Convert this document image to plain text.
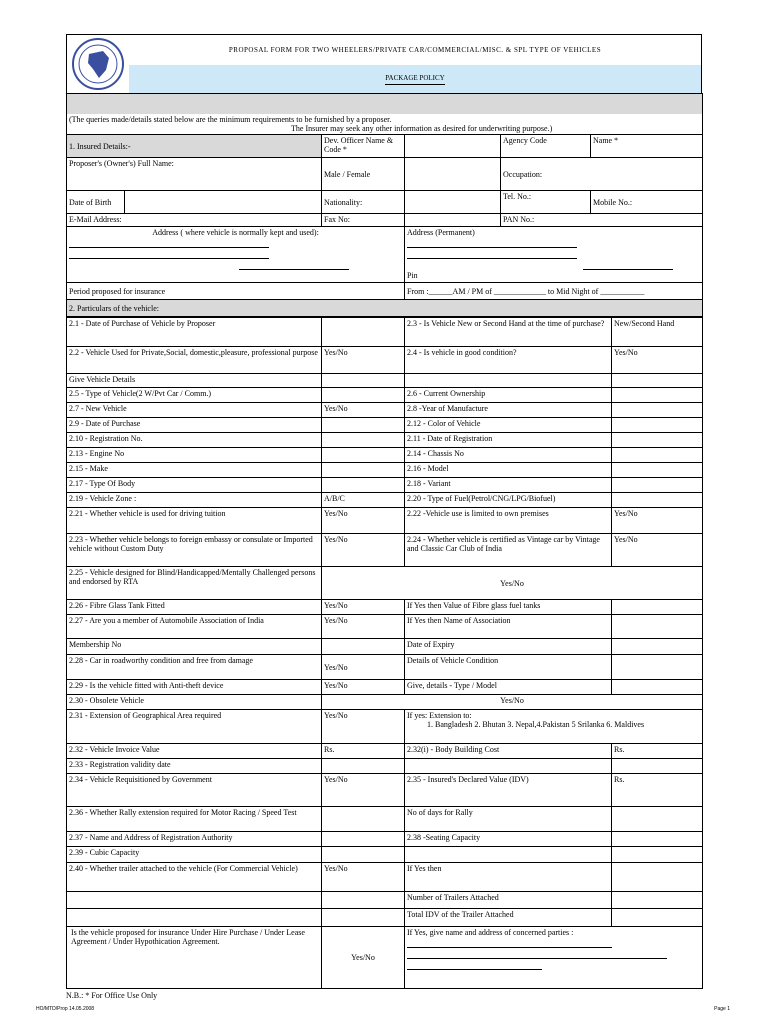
PROPOSAL FORM FOR TWO WHEELERS/PRIVATE CAR/COMMERCIAL/MISC. & SPL TYPE OF VEHICLES
PACKAGE POLICY

(The queries made/details stated below are the minimum requirements to be furnished by a proposer.
The Insurer may seek any other information as desired for underwriting purpose.)					

1. Insured Details:-		Dev. Officer Name & Code *		Agency Code	Name *
Proposer's (Owner's) Full Name:		Male / Female		Occupation:	
Date of Birth		Nationality:		Tel. No.:	Mobile No.:
E-Mail Address:		Fax No:		PAN No.:	

Address ( where vehicle is normally kept and used):			Address (Permanent)
Pin		

Period proposed for insurance			From :______AM / PM of _____________ to Mid Night of ___________		
2. Particulars of the vehicle:					
2.1 - Date of Purchase of Vehicle by Proposer		2.3 - Is Vehicle New or Second Hand at the time of purchase?	New/Second Hand
2.2 - Vehicle Used for Private,Social, domestic,pleasure, professional purpose	Yes/No	2.4 - Is vehicle in good condition?	Yes/No
Give Vehicle Details			
2.5 - Type of Vehicle(2 W/Pvt Car / Comm.)		2.6 - Current Ownership	
2.7 - New Vehicle	Yes/No	2.8 -Year of Manufacture	
2.9 - Date of Purchase		2.12 - Color of Vehicle	
2.10 - Registration No.		2.11 - Date of Registration	
2.13 - Engine No		2.14 - Chassis No	
2.15 - Make		2.16 - Model	
2.17 - Type Of Body		2.18 - Variant	
2.19 - Vehicle Zone :	A/B/C	2.20 - Type of Fuel(Petrol/CNG/LPG/Biofuel)	
2.21 - Whether vehicle is used for driving tuition	Yes/No	2.22 -Vehicle use is limited to own premises	Yes/No
2.23 - Whether vehicle belongs to foreign embassy or consulate or Imported vehicle without Custom Duty	Yes/No	2.24 - Whether vehicle is certified as Vintage car by Vintage and Classic Car Club of India	Yes/No
2.25 - Vehicle designed for Blind/Handicapped/Mentally Challenged persons and endorsed by RTA	Yes/No		
2.26 - Fibre Glass Tank Fitted	Yes/No	If Yes then Value of Fibre glass fuel tanks	
2.27 - Are you a member of Automobile Association of India	Yes/No	If Yes then Name of Association	
Membership No		Date of Expiry	
2.28 - Car in roadworthy condition and free from damage	Yes/No	Details of Vehicle Condition	
2.29 - Is the vehicle fitted with Anti-theft device	Yes/No	Give, details - Type / Model	
2.30 - Obsolete Vehicle	Yes/No		
2.31 - Extension of Geographical Area required	Yes/No	If yes: Extension to:
1. Bangladesh 2. Bhutan 3. Nepal,4.Pakistan 5 Srilanka 6. Maldives	

2.32 - Vehicle Invoice Value	Rs.	2.32(i) - Body Building Cost	Rs.
2.33 - Registration validity date			
2.34 - Vehicle Requisitioned by Government	Yes/No	2.35 - Insured's Declared Value (IDV)	Rs.
2.36 - Whether Rally extension required for Motor Racing / Speed Test		No of days for Rally	
2.37 - Name and Address of Registration Authority		2.38 -Seating Capacity	
2.39 - Cubic Capacity			
2.40 - Whether trailer attached to the vehicle (For Commercial Vehicle)	Yes/No	If Yes then	
		Number of Trailers Attached	
		Total IDV of the Trailer Attached	
Is the vehicle proposed for insurance Under Hire Purchase / Under Lease Agreement / Under Hypothication Agreement.	Yes/No	If Yes, give name and address of concerned parties :	
N.B.: * For Office Use Only
HO/MTD/Prop 14.05.2008	Page 1
